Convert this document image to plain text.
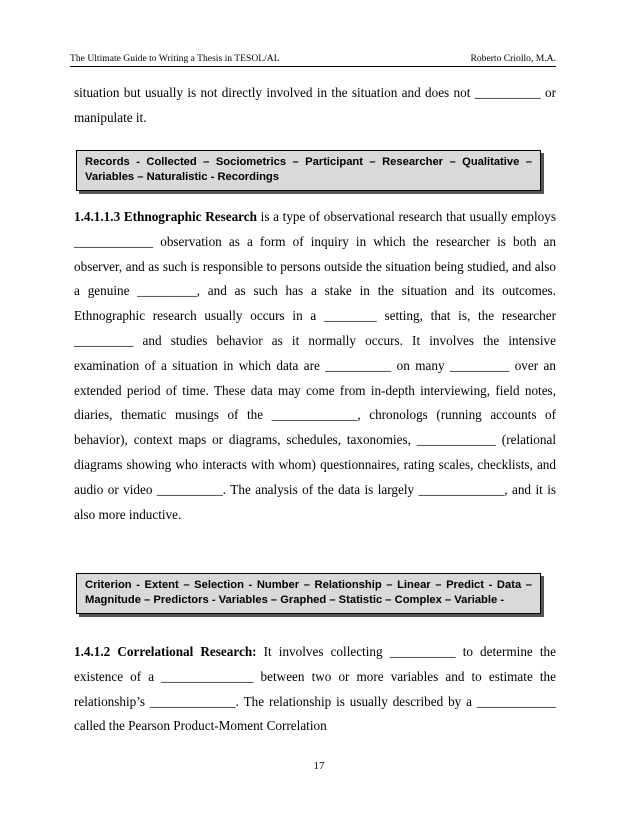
The Ultimate Guide to Writing a Thesis in TESOL/AL	Roberto Criollo, M.A.

situation but usually is not directly involved in the situation and does not __________ or manipulate it.

Records - Collected – Sociometrics – Participant – Researcher – Qualitative – Variables – Naturalistic - Recordings

1.4.1.1.3 Ethnographic Research is a type of observational research that usually employs ____________ observation as a form of inquiry in which the researcher is both an observer, and as such is responsible to persons outside the situation being studied, and also a genuine _________, and as such has a stake in the situation and its outcomes. Ethnographic research usually occurs in a ________ setting, that is, the researcher _________ and studies behavior as it normally occurs. It involves the intensive examination of a situation in which data are __________ on many _________ over an extended period of time. These data may come from in-depth interviewing, field notes, diaries, thematic musings of the _____________, chronologs (running accounts of behavior), context maps or diagrams, schedules, taxonomies, ____________ (relational diagrams showing who interacts with whom) questionnaires, rating scales, checklists, and audio or video __________. The analysis of the data is largely _____________, and it is also more inductive.

Criterion - Extent – Selection - Number – Relationship – Linear – Predict - Data – Magnitude – Predictors - Variables – Graphed – Statistic – Complex – Variable -

1.4.1.2 Correlational Research: It involves collecting __________ to determine the existence of a ______________ between two or more variables and to estimate the relationship’s _____________. The relationship is usually described by a ____________ called the Pearson Product-Moment Correlation

17
